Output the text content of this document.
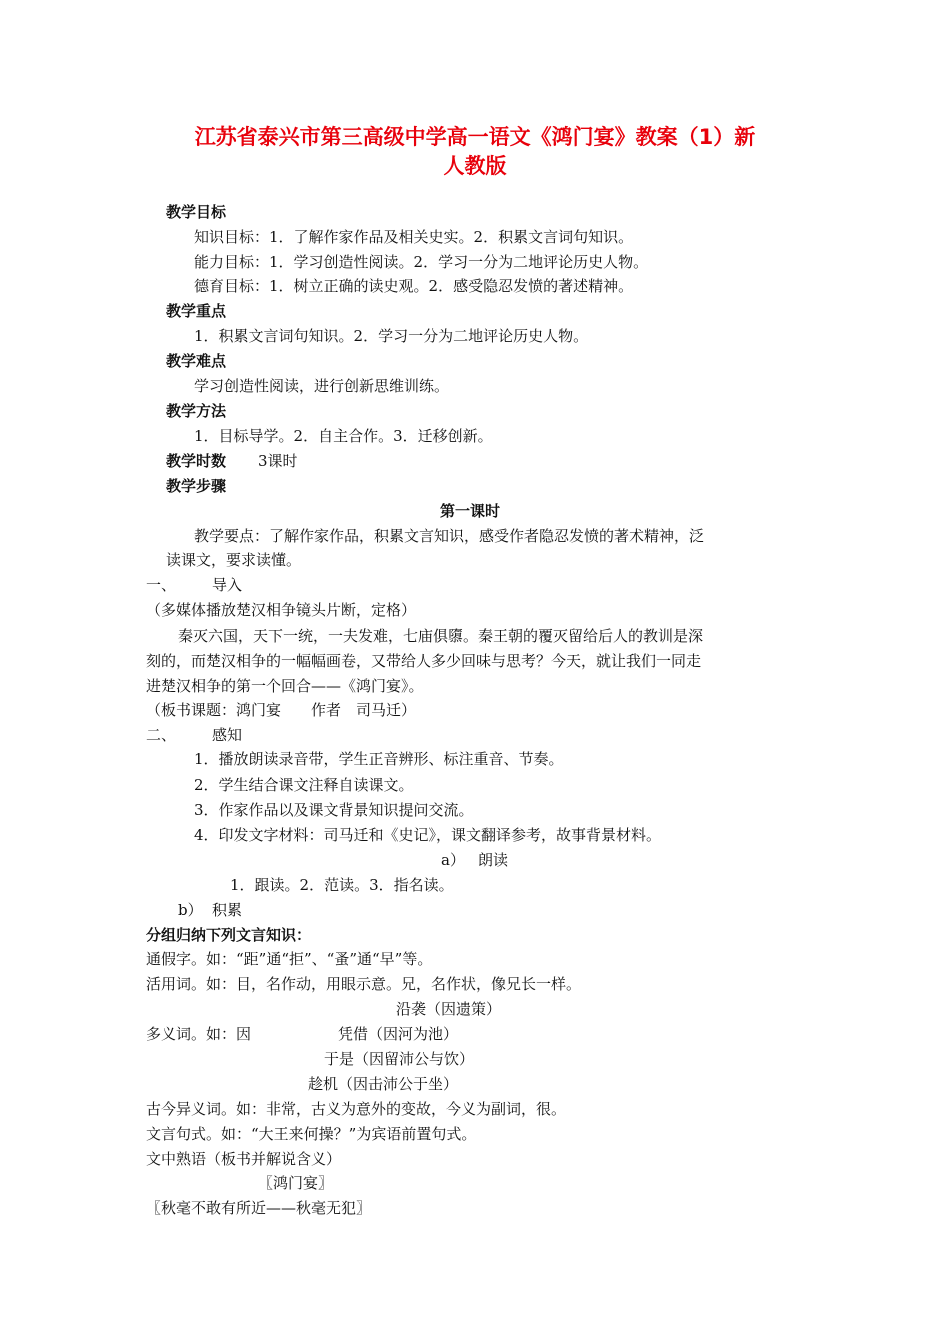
江苏省泰兴市第三高级中学高一语文《鸿门宴》教案（1）新
人教版
教学目标
知识目标：1．了解作家作品及相关史实。2．积累文言词句知识。
能力目标：1．学习创造性阅读。2．学习一分为二地评论历史人物。
德育目标：1．树立正确的读史观。2．感受隐忍发愤的著述精神。
教学重点
1．积累文言词句知识。2．学习一分为二地评论历史人物。
教学难点
学习创造性阅读，进行创新思维训练。
教学方法
1．目标导学。2．自主合作。3．迁移创新。
教学时数 3课时
教学步骤
第一课时
教学要点：了解作家作品，积累文言知识，感受作者隐忍发愤的著术精神，泛
读课文，要求读懂。
一、 导入
（多媒体播放楚汉相争镜头片断，定格）
秦灭六国，天下一统，一夫发难，七庙俱隳。秦王朝的覆灭留给后人的教训是深
刻的，而楚汉相争的一幅幅画卷，又带给人多少回味与思考？今天，就让我们一同走
进楚汉相争的第一个回合——《鸿门宴》。
（板书课题：鸿门宴　　作者　司马迁）
二、 感知
1．播放朗读录音带，学生正音辨形、标注重音、节奏。
2．学生结合课文注释自读课文。
3．作家作品以及课文背景知识提问交流。
4．印发文字材料：司马迁和《史记》，课文翻译参考，故事背景材料。
a） 朗读
1．跟读。2．范读。3．指名读。
b） 积累
分组归纳下列文言知识：
通假字。如：“距”通“拒”、“蚤”通“早”等。
活用词。如：目，名作动，用眼示意。兄，名作状，像兄长一样。
沿袭（因遗策）
多义词。如：因	凭借（因河为池）
于是（因留沛公与饮）
趁机（因击沛公于坐）
古今异义词。如：非常，古义为意外的变故，今义为副词，很。
文言句式。如：“大王来何操？”为宾语前置句式。
文中熟语（板书并解说含义）
〖鸿门宴〗
〖秋毫不敢有所近——秋毫无犯〗
